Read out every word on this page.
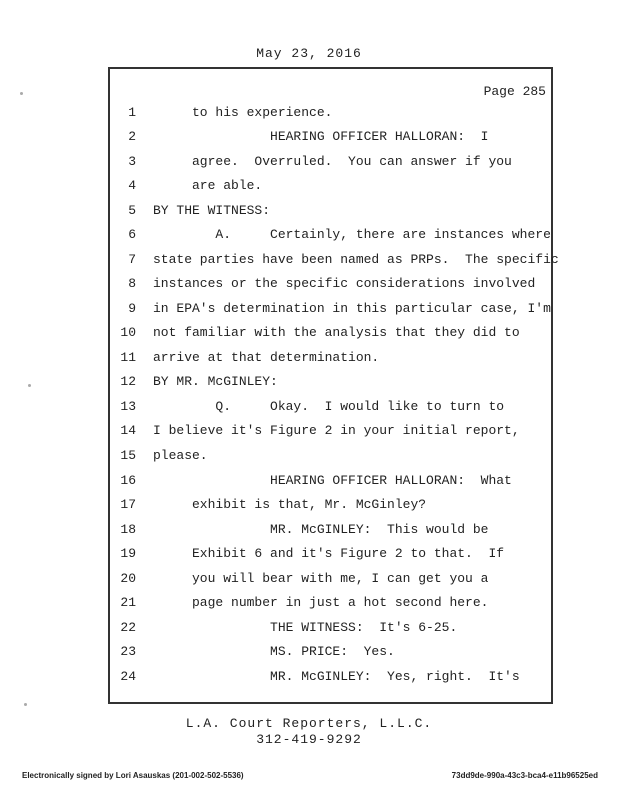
May 23, 2016
Page 285
1 to his experience.
2 HEARING OFFICER HALLORAN:  I
3 agree.  Overruled.  You can answer if you
4 are able.
5 BY THE WITNESS:
6 A.     Certainly, there are instances where
7 state parties have been named as PRPs.  The specific
8 instances or the specific considerations involved
9 in EPA's determination in this particular case, I'm
10 not familiar with the analysis that they did to
11 arrive at that determination.
12 BY MR. McGINLEY:
13 Q.     Okay.  I would like to turn to
14 I believe it's Figure 2 in your initial report,
15 please.
16 HEARING OFFICER HALLORAN:  What
17 exhibit is that, Mr. McGinley?
18 MR. McGINLEY:  This would be
19 Exhibit 6 and it's Figure 2 to that.  If
20 you will bear with me, I can get you a
21 page number in just a hot second here.
22 THE WITNESS:  It's 6-25.
23 MS. PRICE:  Yes.
24 MR. McGINLEY:  Yes, right.  It's
L.A. Court Reporters, L.L.C.
312-419-9292
Electronically signed by Lori Asauskas (201-002-502-5536)	73dd9de-990a-43c3-bca4-e11b96525ed
